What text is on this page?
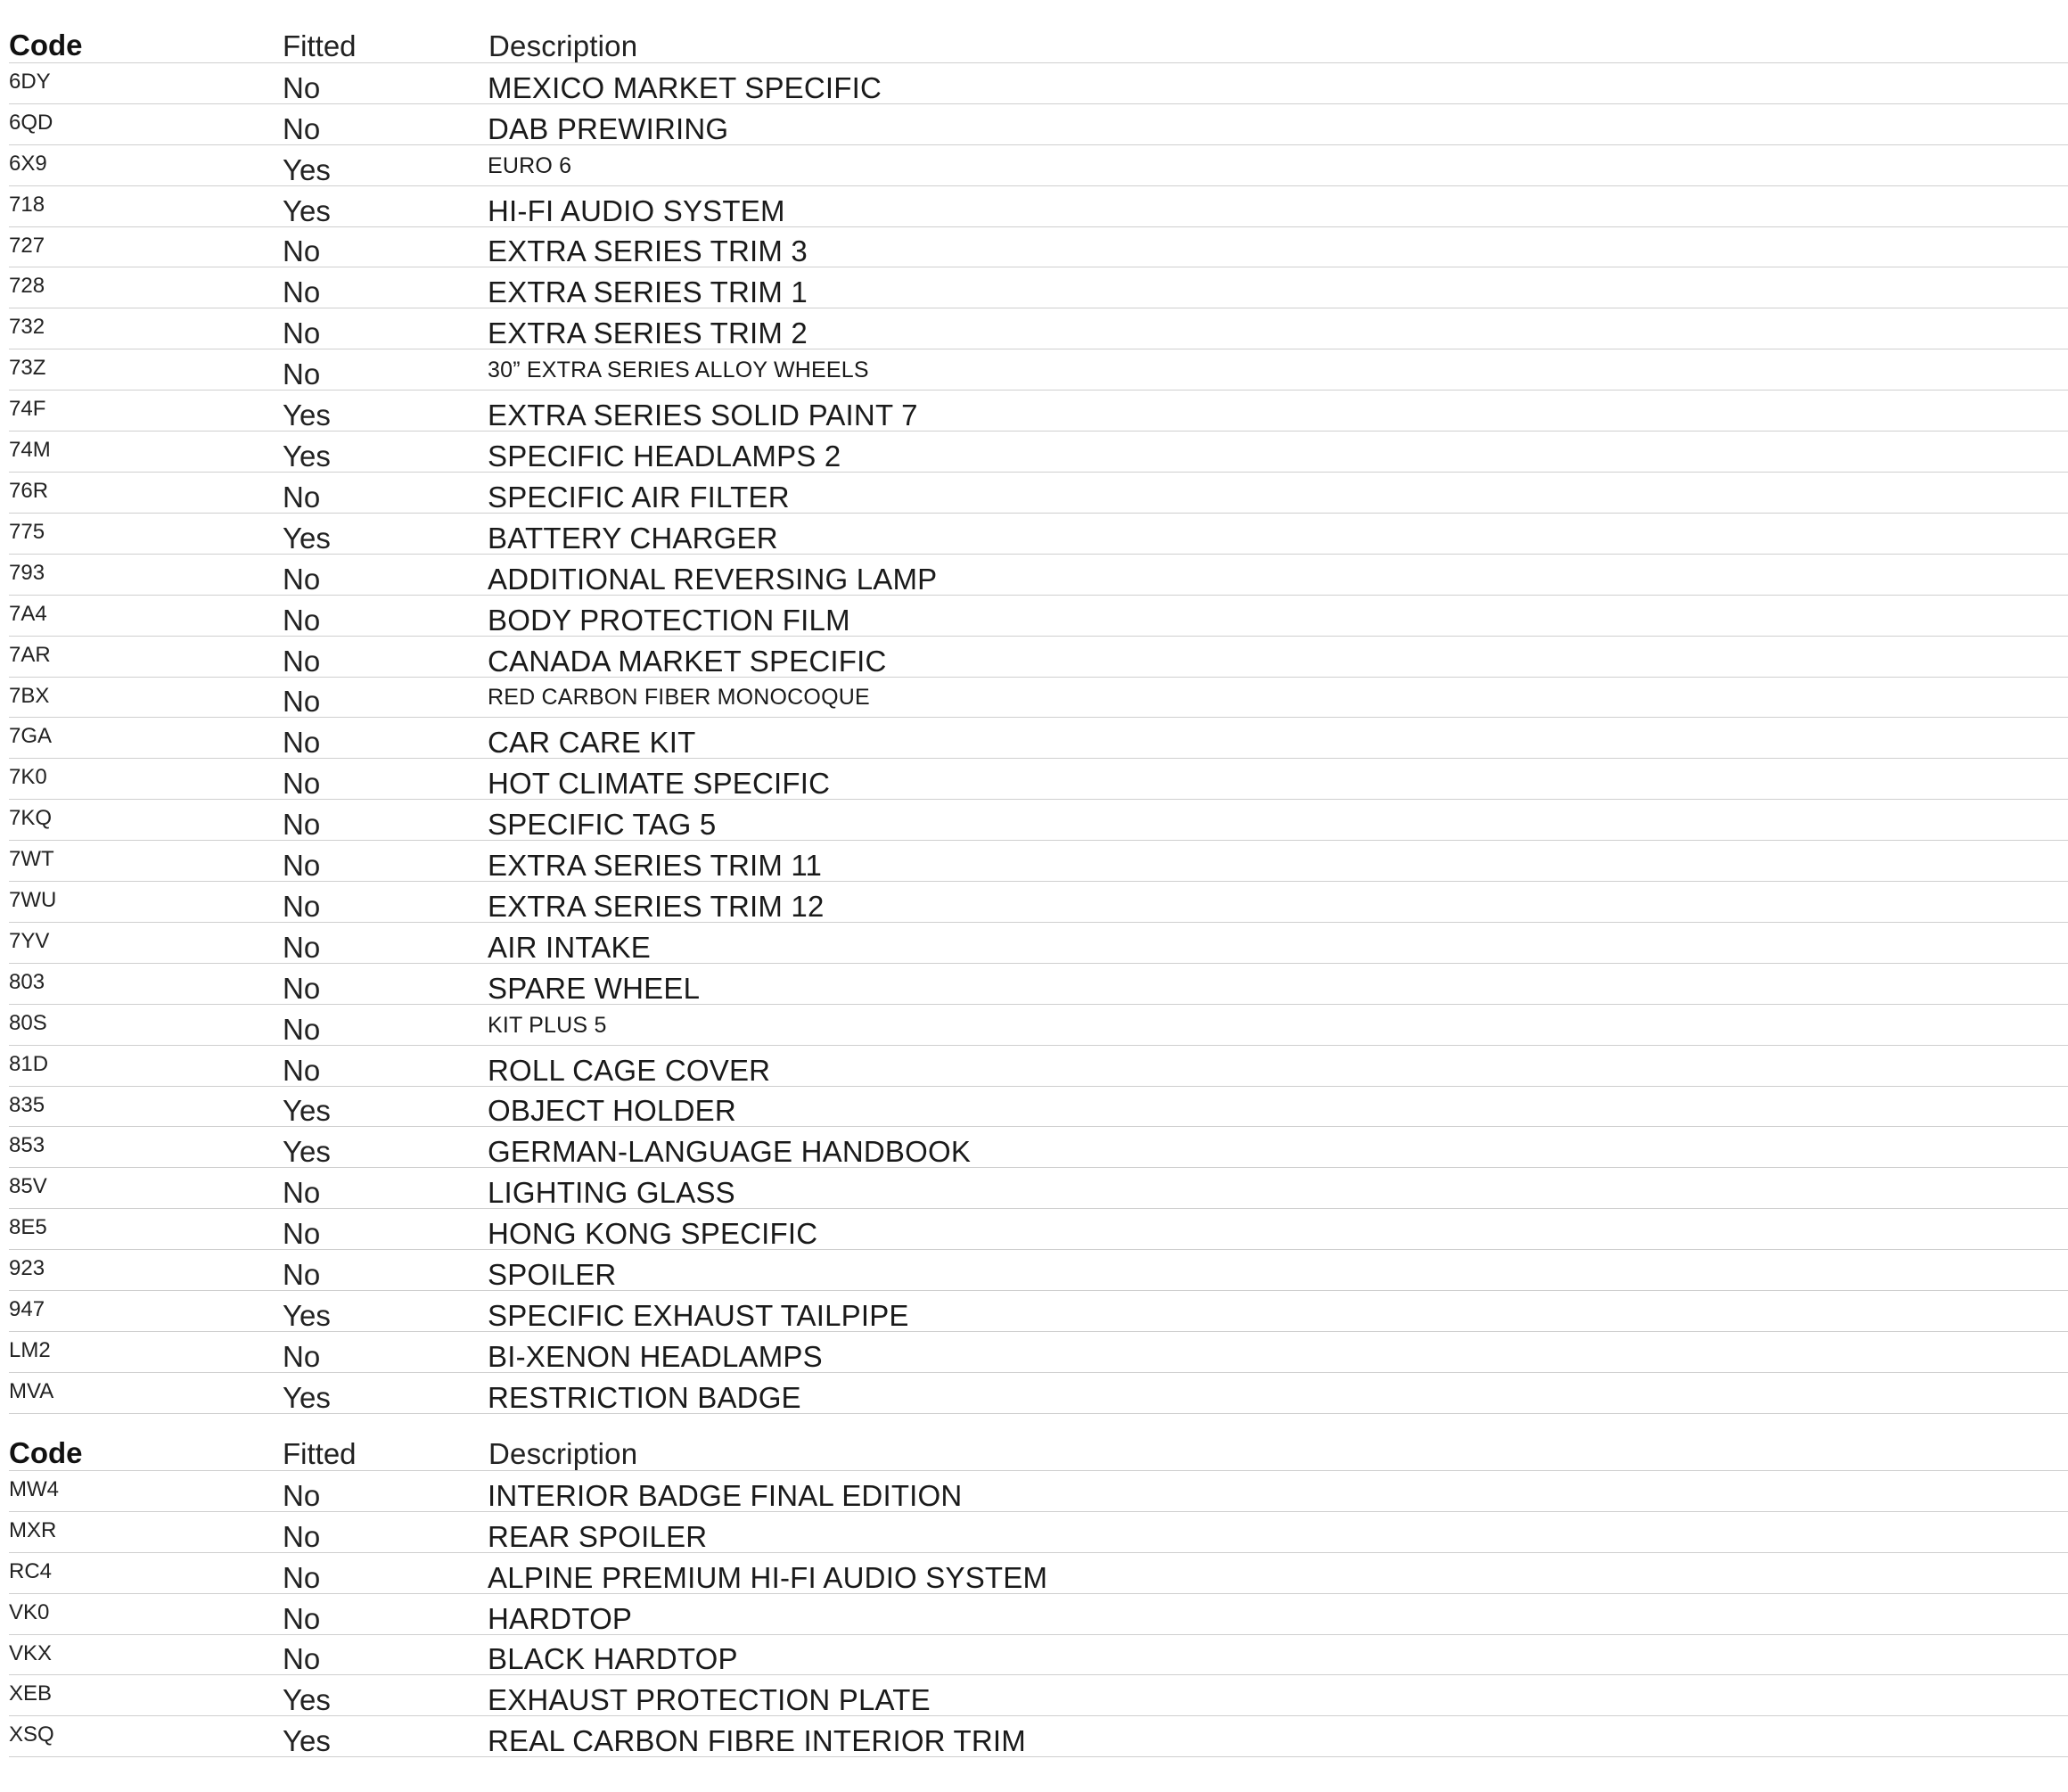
Code	Fitted	Description
6DY	No	MEXICO MARKET SPECIFIC
6QD	No	DAB PREWIRING
6X9	Yes	EURO 6
718	Yes	HI-FI AUDIO SYSTEM
727	No	EXTRA SERIES TRIM 3
728	No	EXTRA SERIES TRIM 1
732	No	EXTRA SERIES TRIM 2
73Z	No	30” EXTRA SERIES ALLOY WHEELS
74F	Yes	EXTRA SERIES SOLID PAINT 7
74M	Yes	SPECIFIC HEADLAMPS 2
76R	No	SPECIFIC AIR FILTER
775	Yes	BATTERY CHARGER
793	No	ADDITIONAL REVERSING LAMP
7A4	No	BODY PROTECTION FILM
7AR	No	CANADA MARKET SPECIFIC
7BX	No	RED CARBON FIBER MONOCOQUE
7GA	No	CAR CARE KIT
7K0	No	HOT CLIMATE SPECIFIC
7KQ	No	SPECIFIC TAG 5
7WT	No	EXTRA SERIES TRIM 11
7WU	No	EXTRA SERIES TRIM 12
7YV	No	AIR INTAKE
803	No	SPARE WHEEL
80S	No	KIT PLUS 5
81D	No	ROLL CAGE COVER
835	Yes	OBJECT HOLDER
853	Yes	GERMAN-LANGUAGE HANDBOOK
85V	No	LIGHTING GLASS
8E5	No	HONG KONG SPECIFIC
923	No	SPOILER
947	Yes	SPECIFIC EXHAUST TAILPIPE
LM2	No	BI-XENON HEADLAMPS
MVA	Yes	RESTRICTION BADGE
Code	Fitted	Description
MW4	No	INTERIOR BADGE FINAL EDITION
MXR	No	REAR SPOILER
RC4	No	ALPINE PREMIUM HI-FI AUDIO SYSTEM
VK0	No	HARDTOP
VKX	No	BLACK HARDTOP
XEB	Yes	EXHAUST PROTECTION PLATE
XSQ	Yes	REAL CARBON FIBRE INTERIOR TRIM
